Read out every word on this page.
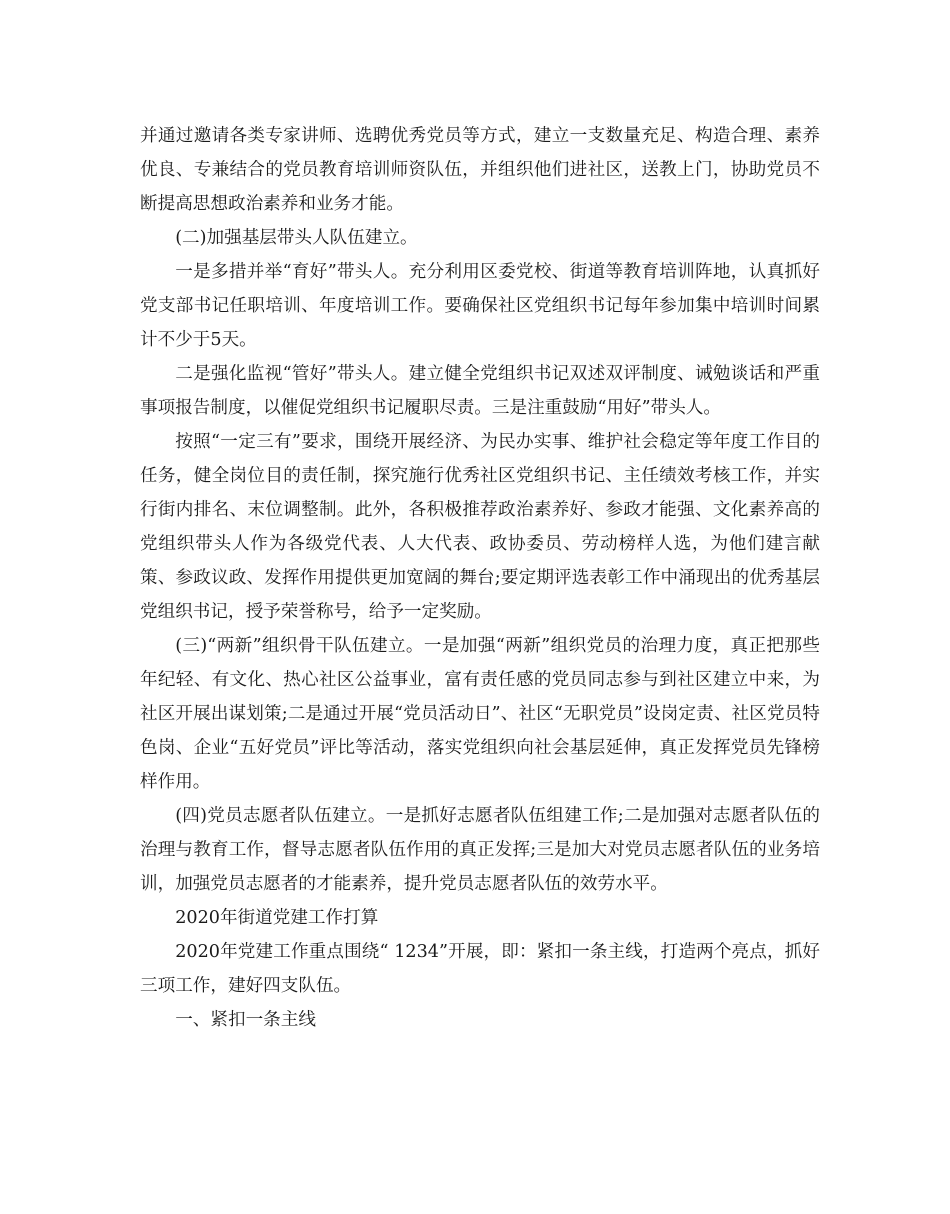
并通过邀请各类专家讲师、选聘优秀党员等方式，建立一支数量充足、构造合理、素养优良、专兼结合的党员教育培训师资队伍，并组织他们进社区，送教上门，协助党员不断提高思想政治素养和业务才能。

(二)加强基层带头人队伍建立。

一是多措并举“育好”带头人。充分利用区委党校、街道等教育培训阵地，认真抓好党支部书记任职培训、年度培训工作。要确保社区党组织书记每年参加集中培训时间累计不少于5天。

二是强化监视“管好”带头人。建立健全党组织书记双述双评制度、诫勉谈话和严重事项报告制度，以催促党组织书记履职尽责。三是注重鼓励“用好”带头人。

按照“一定三有”要求，围绕开展经济、为民办实事、维护社会稳定等年度工作目的任务，健全岗位目的责任制，探究施行优秀社区党组织书记、主任绩效考核工作，并实行街内排名、末位调整制。此外，各积极推荐政治素养好、参政才能强、文化素养高的党组织带头人作为各级党代表、人大代表、政协委员、劳动榜样人选，为他们建言献策、参政议政、发挥作用提供更加宽阔的舞台;要定期评选表彰工作中涌现出的优秀基层党组织书记，授予荣誉称号，给予一定奖励。

(三)“两新”组织骨干队伍建立。一是加强“两新”组织党员的治理力度，真正把那些年纪轻、有文化、热心社区公益事业，富有责任感的党员同志参与到社区建立中来，为社区开展出谋划策;二是通过开展“党员活动日”、社区“无职党员”设岗定责、社区党员特色岗、企业“五好党员”评比等活动，落实党组织向社会基层延伸，真正发挥党员先锋榜样作用。

(四)党员志愿者队伍建立。一是抓好志愿者队伍组建工作;二是加强对志愿者队伍的治理与教育工作，督导志愿者队伍作用的真正发挥;三是加大对党员志愿者队伍的业务培训，加强党员志愿者的才能素养，提升党员志愿者队伍的效劳水平。

2020年街道党建工作打算

2020年党建工作重点围绕“ 1234”开展，即：紧扣一条主线，打造两个亮点，抓好三项工作，建好四支队伍。

一、紧扣一条主线
